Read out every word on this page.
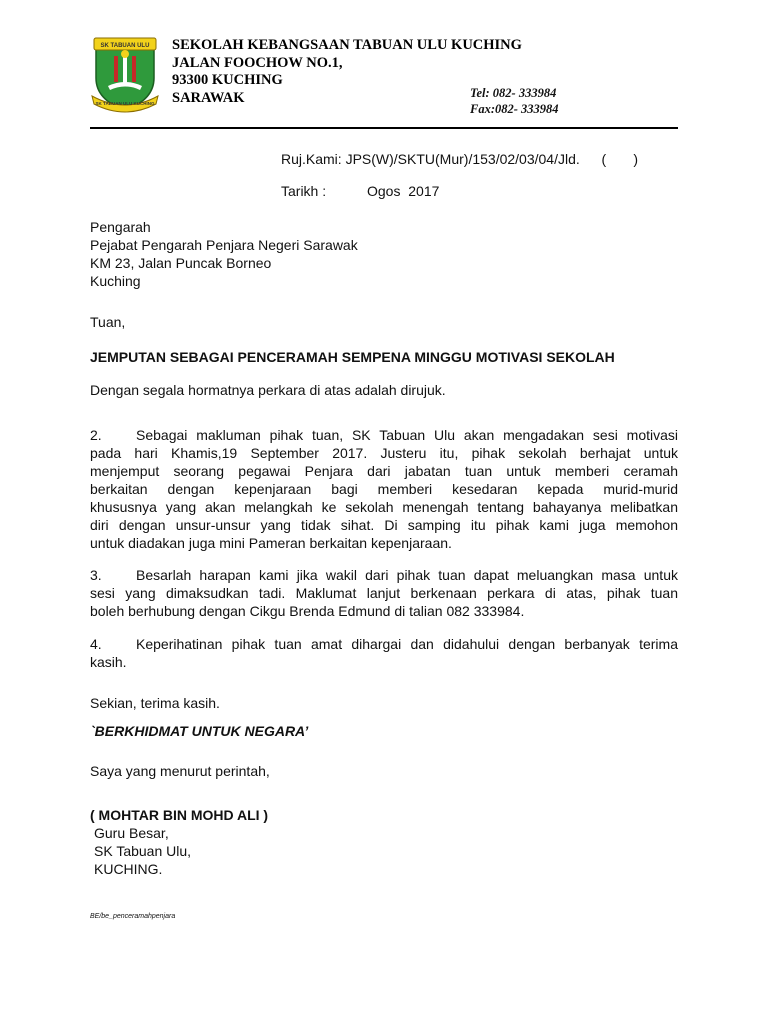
SK TABUAN ULU
SK TABUAN ULU KUCHING
SEKOLAH KEBANGSAAN TABUAN ULU KUCHING
JALAN FOOCHOW NO.1,
93300 KUCHING
SARAWAK	Tel: 082- 333984
Fax:082- 333984
Ruj.Kami: JPS(W)/SKTU(Mur)/153/02/03/04/Jld. (       )
Tarikh :	Ogos  2017
Pengarah
Pejabat Pengarah Penjara Negeri Sarawak
KM 23, Jalan Puncak Borneo
Kuching
Tuan,
JEMPUTAN SEBAGAI PENCERAMAH SEMPENA MINGGU MOTIVASI SEKOLAH
Dengan segala hormatnya perkara di atas adalah dirujuk.
2. Sebagai makluman pihak tuan, SK Tabuan Ulu akan mengadakan sesi motivasi
pada hari Khamis,19 September 2017. Justeru itu, pihak sekolah berhajat untuk
menjemput seorang pegawai Penjara dari jabatan tuan untuk memberi ceramah
berkaitan dengan kepenjaraan bagi memberi kesedaran kepada murid-murid
khususnya yang akan melangkah ke sekolah menengah tentang bahayanya melibatkan
diri dengan unsur-unsur yang tidak sihat. Di samping itu pihak kami juga memohon
untuk diadakan juga mini Pameran berkaitan kepenjaraan.
3. Besarlah harapan kami jika wakil dari pihak tuan dapat meluangkan masa untuk
sesi yang dimaksudkan tadi. Maklumat lanjut berkenaan perkara di atas, pihak tuan
boleh berhubung dengan Cikgu Brenda Edmund di talian 082 333984.
4. Keperihatinan pihak tuan amat dihargai dan didahului dengan berbanyak terima
kasih.
Sekian, terima kasih.
`BERKHIDMAT UNTUK NEGARA’
Saya yang menurut perintah,
( MOHTAR BIN MOHD ALI )
Guru Besar,
SK Tabuan Ulu,
KUCHING.
BE/be_penceramahpenjara
